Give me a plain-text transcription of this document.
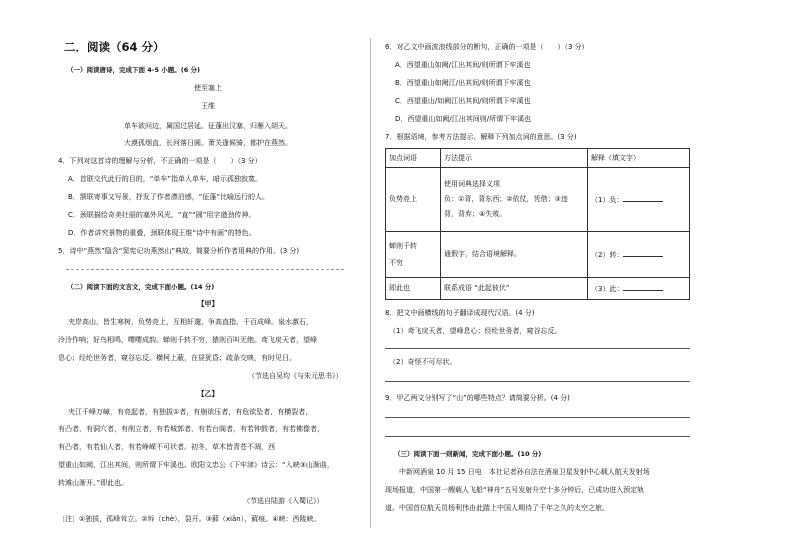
二．阅读（64 分）
（一）阅读唐诗，完成下面 4-5 小题。(6 分)
使至塞上
王维
单车欲问边，属国过居延。征蓬出汉塞，归雁入胡天。
大漠孤烟直，长河落日圆。萧关逢候骑，都护在燕然。
4．下列对这首诗的理解与分析，不正确的一项是（　　）（3 分）
A．首联交代此行的目的，“单车”指单人单车，暗示孤独寂寞。
B．颔联寄事又写景，抒发了作者漂泊感，“征蓬”比喻远行的人。
C．颈联描绘奇美壮丽的塞外风光，“直”“圆”用字遒劲传神。
D．作者讲究景物的重叠，颈联体现王维“诗中有画”的特色。
5．诗中“燕然”隐含“窦宪记功燕然山”典故，简要分析作者用典的作用。(3 分)
（二）阅读下面的文言文，完成下面小题。(14 分)
【甲】
夹岸高山，皆生寒树，负势竞上，互相轩邈，争高直指，千百成峰。泉水激石，
泠泠作响；好鸟相鸣，嘤嘤成韵。蝉则千转不穷，猿则百叫无绝。鸢飞戾天者，望峰
息心；经纶世务者，窥谷忘反。横柯上蔽，在昼犹昏；疏条交映，有时见日。
（节选自吴均《与朱元思书》）
【乙】
夹江千峰万嶂，有竞起者，有独拔①者，有崩欲压者，有危欲坠者，有横裂者，
有凸者，有洞穴者，有削立者，有若城郭者，有若台阁者，有若钟鼓者，有若佛像者，
有凸者，有若仙人者，有若峥嵘不可状者。初冬，草木皆青苍不凋，西
望重山如阙，江出其间，则所谓下牢溪也。欧阳文忠公《下牢津》诗云：“入峡③山渐曲，
转滩山渐开。”即此也。
（节选自陆游《入蜀记》）
〔注〕①独拔，孤峰耸立。②坼（chè），裂开。③藓（xiǎn），藓痕。④峡：西陵峡。
6．对乙文中画波浪线部分的断句，正确的一项是（　　）（3 分）
A．西望重山如阙/江出其间/则所谓下牢溪也
B．西望重山如阙江/出其间/则所谓下牢溪也
C．西望重山/如阙江出其间/则所谓下牢溪也
D．西望重山如阙/江出其间则/所谓下牢溪也
7．根据语境，参考方法提示，解释下列加点词的意思。(3 分)
加点词语	方法提示	解释（填文字）
负势竞上	使用词典选择义项
负：①背，背东西；②依仗，凭借；③违
背，背弃；④失败。	（1）负：

蝉则千转
不穷	通假字，结合语境解释。	（2）转：
即此也	联系成语 “此起彼伏”	（3）此：
8．把文中画横线的句子翻译成现代汉语。(4 分)
（1）鸢飞戾天者，望峰息心；经纶世务者，窥谷忘反。
（2）奇怪不可尽状。
9．甲乙两文分别写了“山”的哪些特点？请简要分析。(4 分)
（三）阅读下面一则新闻，完成下面小题。(10 分)
中新网酒泉 10 月 15 日电　本社记者孙自法在酒泉卫星发射中心载人航天发射场
现场报道，中国第一艘载人飞船“神舟”五号发射升空十多分钟后，已成功进入预定轨
道。中国首位航天员杨利伟由此踏上中国人期待了千年之久的太空之旅。
